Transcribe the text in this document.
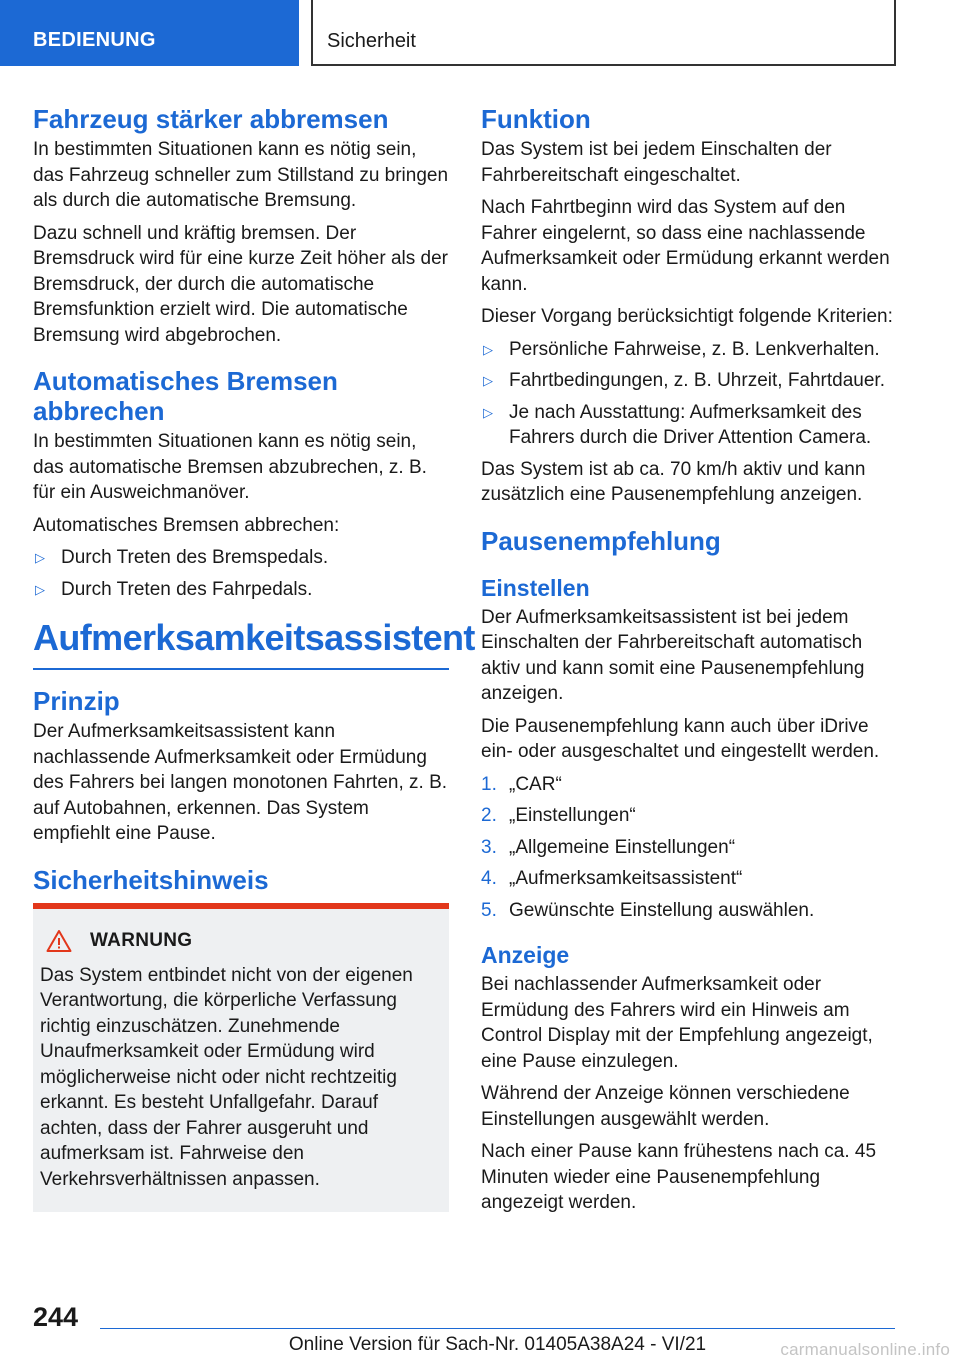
BEDIENUNG	Sicherheit
Fahrzeug stärker abbremsen

In bestimmten Situationen kann es nötig sein, das Fahrzeug schneller zum Stillstand zu bringen als durch die automatische Bremsung.

Dazu schnell und kräftig bremsen. Der Bremsdruck wird für eine kurze Zeit höher als der Bremsdruck, der durch die automatische Bremsfunktion erzielt wird. Die automatische Bremsung wird abgebrochen.

Automatisches Bremsen abbrechen

In bestimmten Situationen kann es nötig sein, das automatische Bremsen abzubrechen, z. B. für ein Ausweichmanöver.

Automatisches Bremsen abbrechen:

▷ Durch Treten des Bremspedals.
▷ Durch Treten des Fahrpedals.
Aufmerksamkeitsassistent
Prinzip

Der Aufmerksamkeitsassistent kann nachlassende Aufmerksamkeit oder Ermüdung des Fahrers bei langen monotonen Fahrten, z. B. auf Autobahnen, erkennen. Das System empfiehlt eine Pause.

Sicherheitshinweis
WARNUNG

Das System entbindet nicht von der eigenen Verantwortung, die körperliche Verfassung richtig einzuschätzen. Zunehmende Unaufmerksamkeit oder Ermüdung wird möglicherweise nicht oder nicht rechtzeitig erkannt. Es besteht Unfallgefahr. Darauf achten, dass der Fahrer ausgeruht und aufmerksam ist. Fahrweise den Verkehrsverhältnissen anpassen.

Funktion

Das System ist bei jedem Einschalten der Fahrbereitschaft eingeschaltet.

Nach Fahrtbeginn wird das System auf den Fahrer eingelernt, so dass eine nachlassende Aufmerksamkeit oder Ermüdung erkannt werden kann.

Dieser Vorgang berücksichtigt folgende Kriterien:

▷ Persönliche Fahrweise, z. B. Lenkverhalten.
▷ Fahrtbedingungen, z. B. Uhrzeit, Fahrtdauer.
▷ Je nach Ausstattung: Aufmerksamkeit des Fahrers durch die Driver Attention Camera.

Das System ist ab ca. 70 km/h aktiv und kann zusätzlich eine Pausenempfehlung anzeigen.

Pausenempfehlung
Einstellen

Der Aufmerksamkeitsassistent ist bei jedem Einschalten der Fahrbereitschaft automatisch aktiv und kann somit eine Pausenempfehlung anzeigen.

Die Pausenempfehlung kann auch über iDrive ein- oder ausgeschaltet und eingestellt werden.

1. „CAR“
2. „Einstellungen“
3. „Allgemeine Einstellungen“
4. „Aufmerksamkeitsassistent“
5. Gewünschte Einstellung auswählen.
Anzeige

Bei nachlassender Aufmerksamkeit oder Ermüdung des Fahrers wird ein Hinweis am Control Display mit der Empfehlung angezeigt, eine Pause einzulegen.

Während der Anzeige können verschiedene Einstellungen ausgewählt werden.

Nach einer Pause kann frühestens nach ca. 45 Minuten wieder eine Pausenempfehlung angezeigt werden.

244
Online Version für Sach-Nr. 01405A38A24 - VI/21	carmanualsonline.info
